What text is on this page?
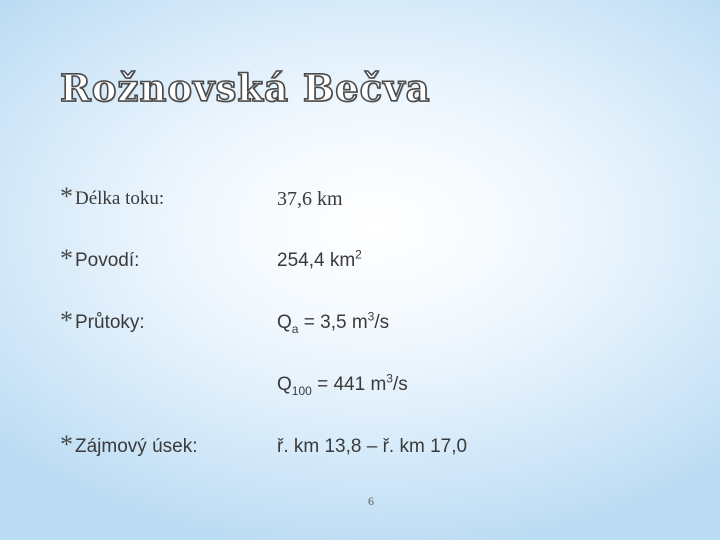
Rožnovská Bečva
* Délka toku:	37,6 km
* Povodí:	254,4 $km^2$
* Průtoky:	$Q_a = 3,5$ $m^3/s$
$Q_{100} = 441$ $m^3/s$
* Zájmový úsek:	ř. km 13,8 – ř. km 17,0
6
